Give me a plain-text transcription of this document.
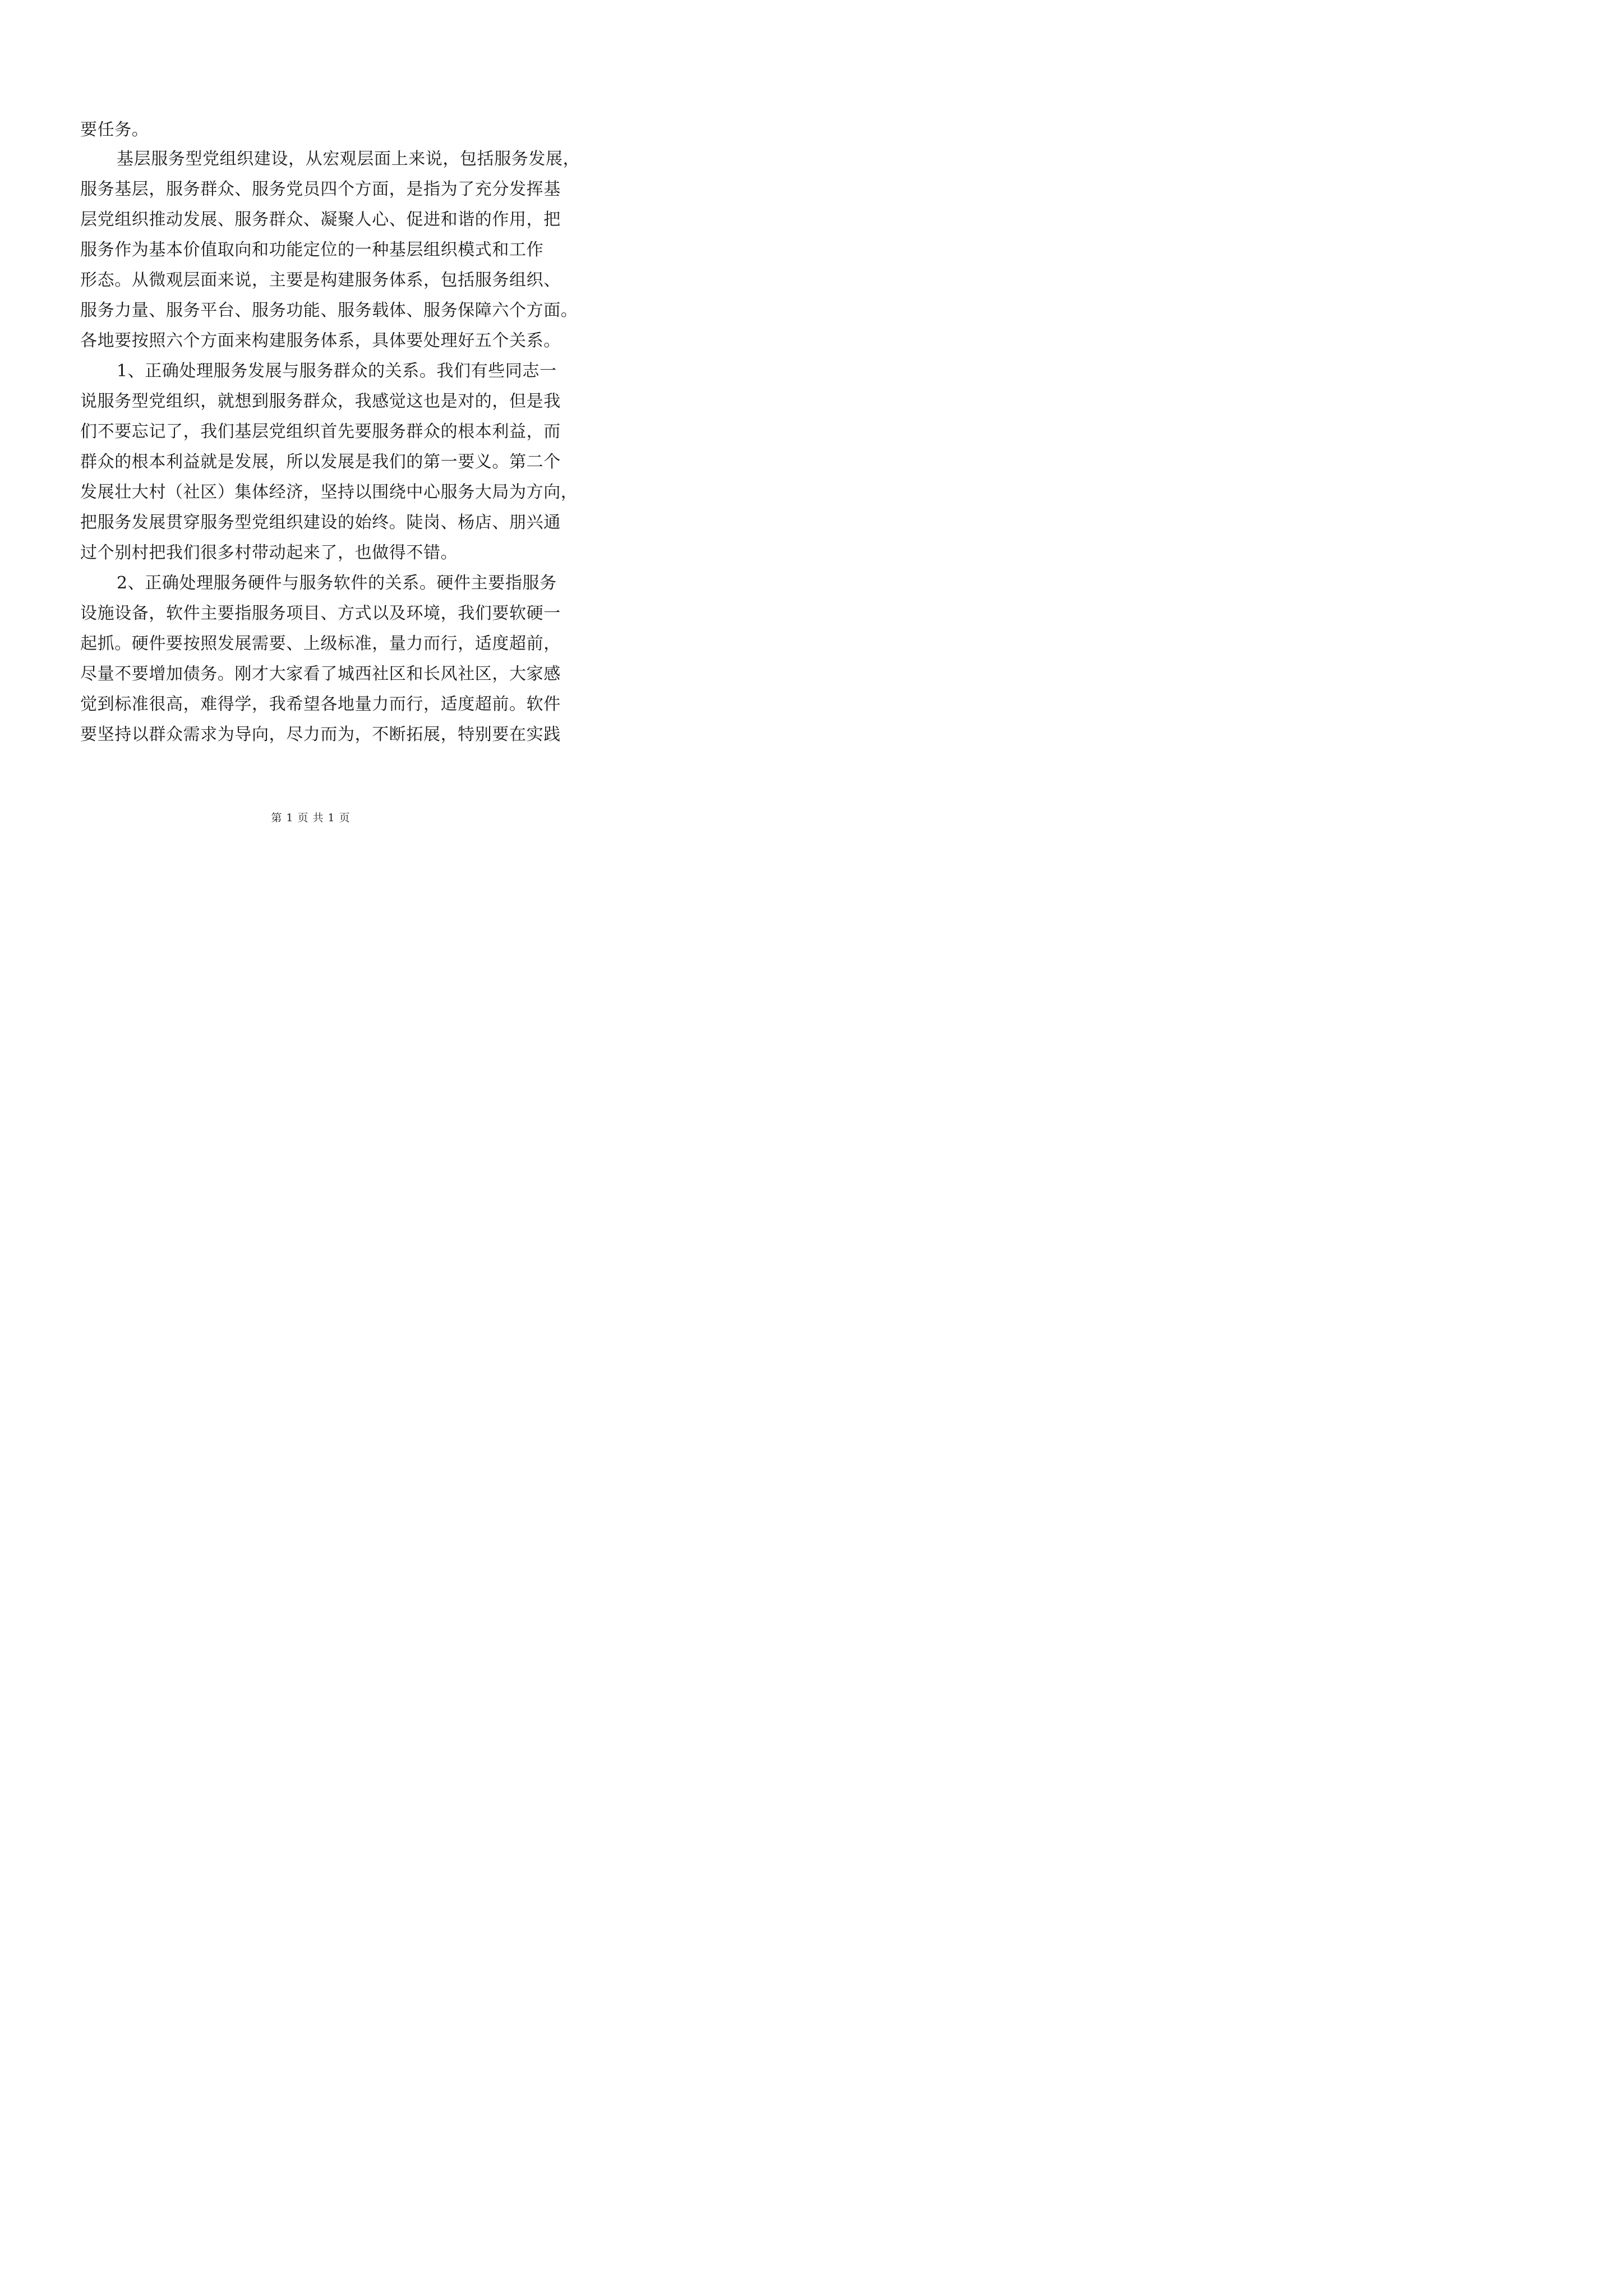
要任务。
基层服务型党组织建设，从宏观层面上来说，包括服务发展，
服务基层，服务群众、服务党员四个方面，是指为了充分发挥基
层党组织推动发展、服务群众、凝聚人心、促进和谐的作用，把
服务作为基本价值取向和功能定位的一种基层组织模式和工作
形态。从微观层面来说，主要是构建服务体系，包括服务组织、
服务力量、服务平台、服务功能、服务载体、服务保障六个方面。
各地要按照六个方面来构建服务体系，具体要处理好五个关系。
1、正确处理服务发展与服务群众的关系。我们有些同志一
说服务型党组织，就想到服务群众，我感觉这也是对的，但是我
们不要忘记了，我们基层党组织首先要服务群众的根本利益，而
群众的根本利益就是发展，所以发展是我们的第一要义。第二个
发展壮大村（社区）集体经济，坚持以围绕中心服务大局为方向，
把服务发展贯穿服务型党组织建设的始终。陡岗、杨店、朋兴通
过个别村把我们很多村带动起来了，也做得不错。
2、正确处理服务硬件与服务软件的关系。硬件主要指服务
设施设备，软件主要指服务项目、方式以及环境，我们要软硬一
起抓。硬件要按照发展需要、上级标准，量力而行，适度超前，
尽量不要增加债务。刚才大家看了城西社区和长风社区，大家感
觉到标准很高，难得学，我希望各地量力而行，适度超前。软件
要坚持以群众需求为导向，尽力而为，不断拓展，特别要在实践
第 1 页 共 1 页
